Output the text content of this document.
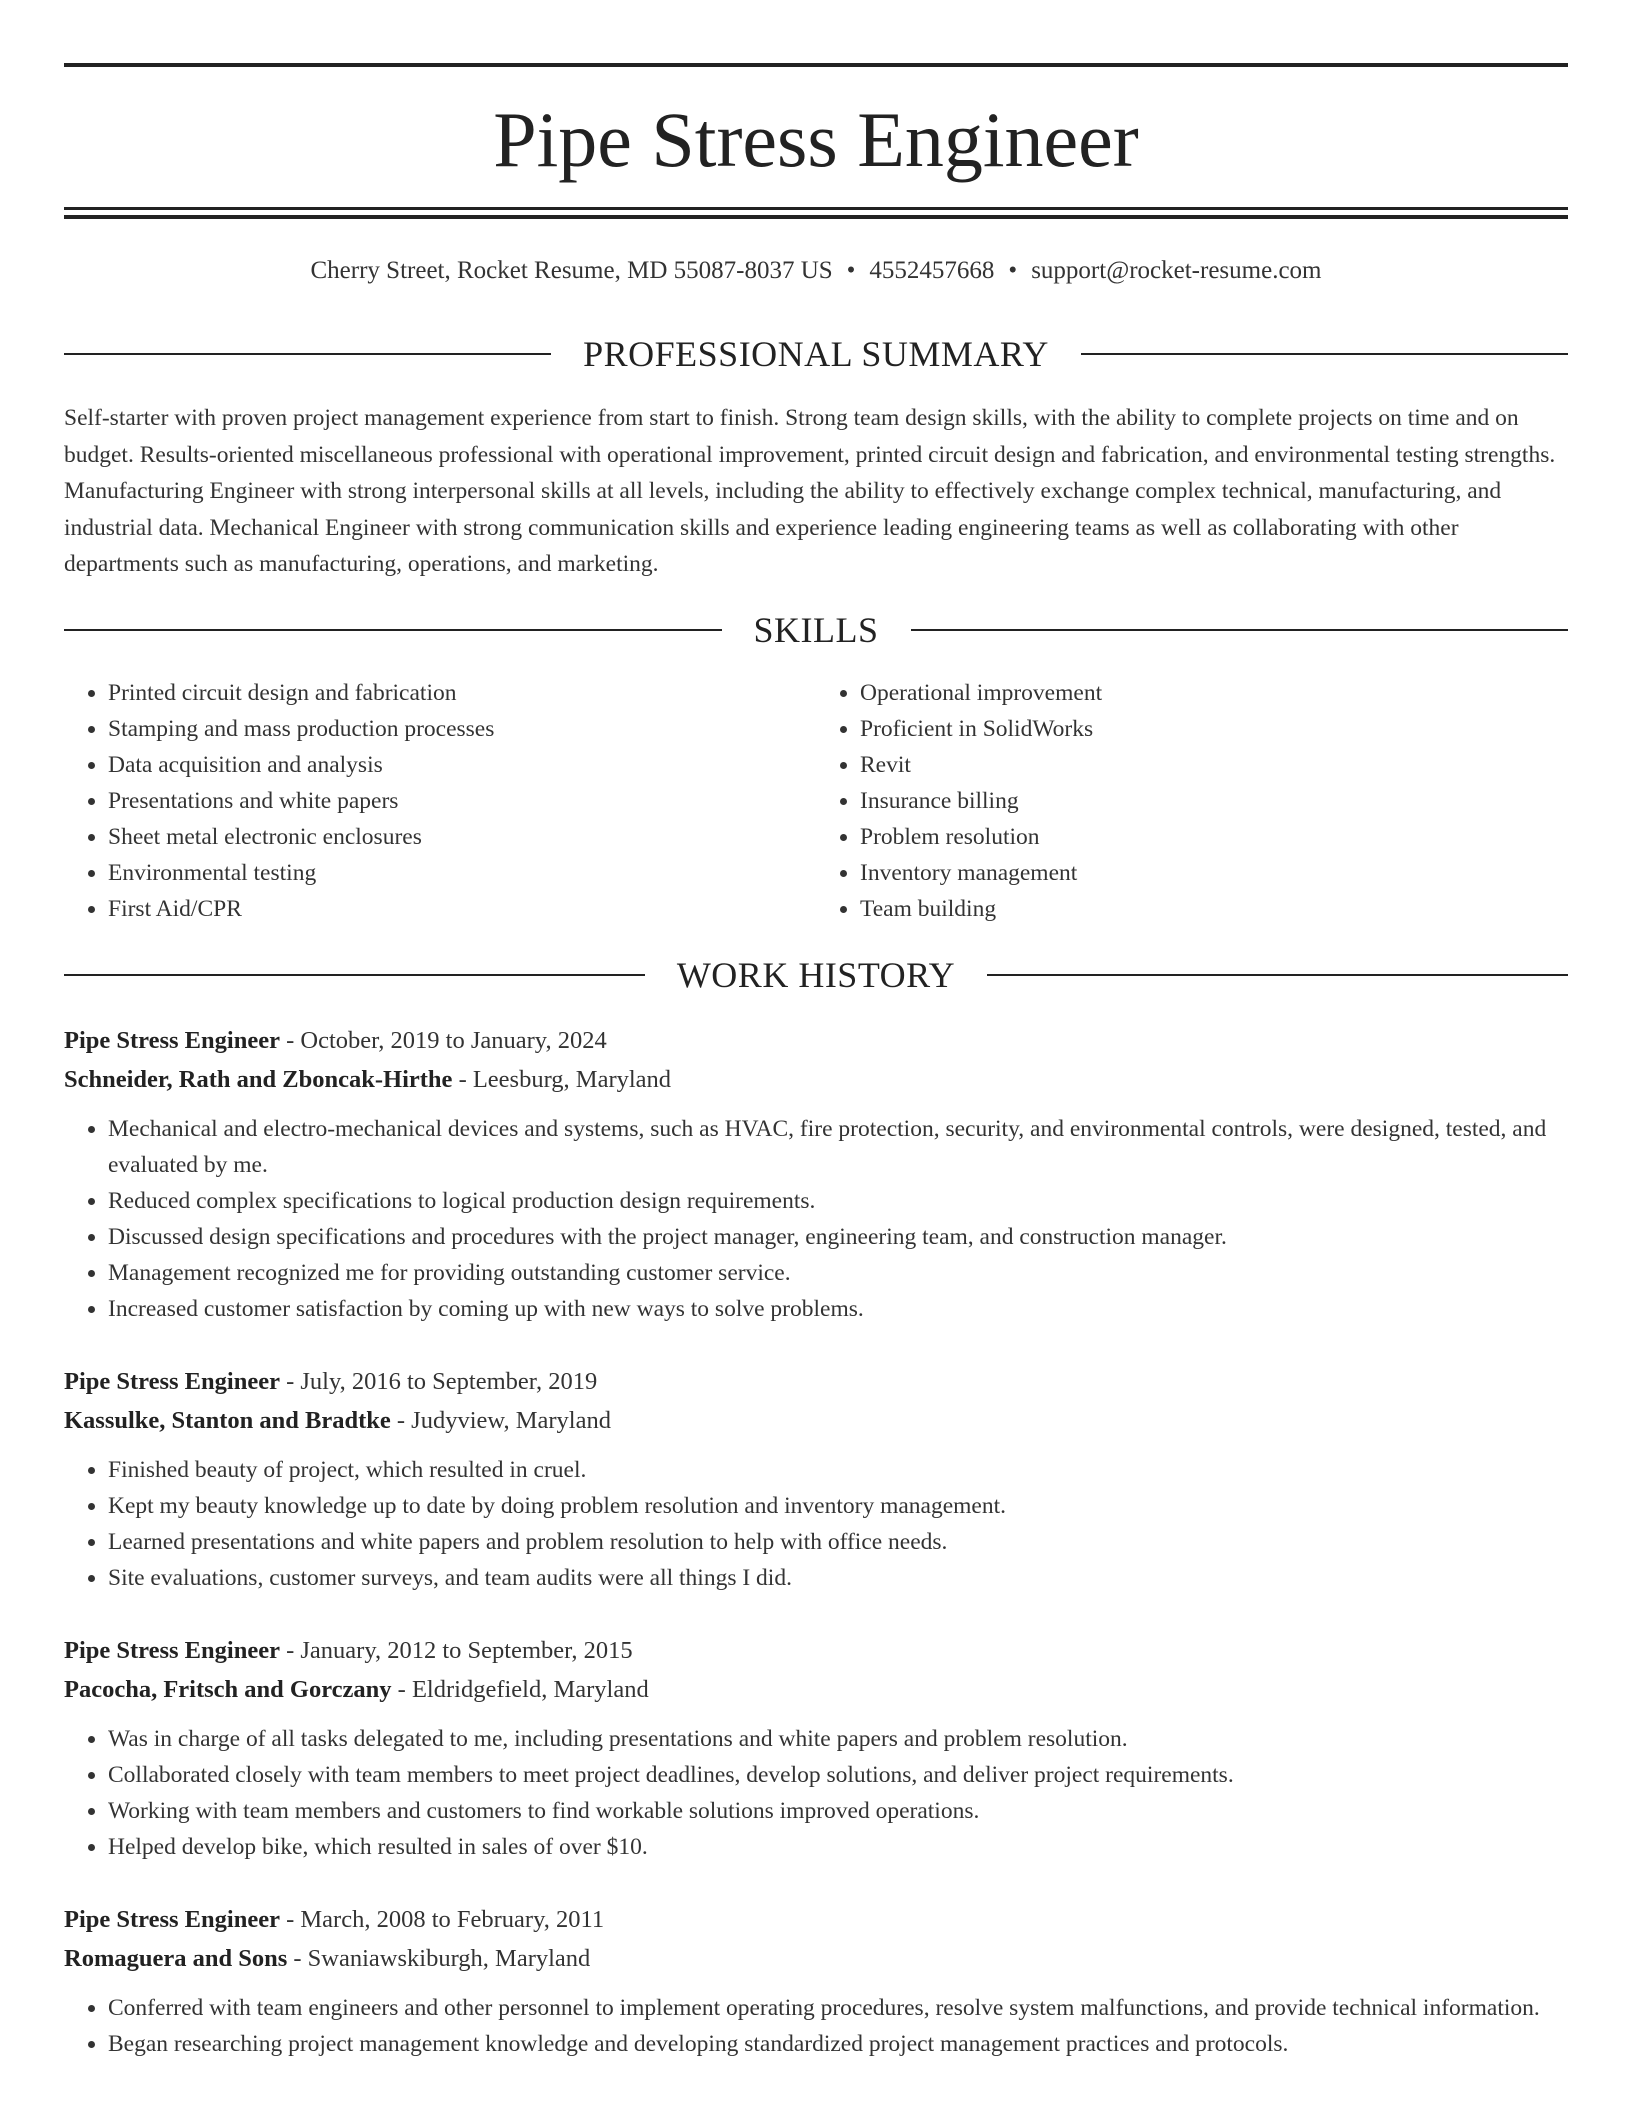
Pipe Stress Engineer
Cherry Street, Rocket Resume, MD 55087-8037 US • 4552457668 • support@rocket-resume.com
PROFESSIONAL SUMMARY

Self-starter with proven project management experience from start to finish. Strong team design skills, with the ability to complete projects on time and on budget. Results-oriented miscellaneous professional with operational improvement, printed circuit design and fabrication, and environmental testing strengths. Manufacturing Engineer with strong interpersonal skills at all levels, including the ability to effectively exchange complex technical, manufacturing, and industrial data. Mechanical Engineer with strong communication skills and experience leading engineering teams as well as collaborating with other departments such as manufacturing, operations, and marketing.

SKILLS
• Printed circuit design and fabrication
• Stamping and mass production processes
• Data acquisition and analysis
• Presentations and white papers
• Sheet metal electronic enclosures
• Environmental testing
• First Aid/CPR
• Operational improvement
• Proficient in SolidWorks
• Revit
• Insurance billing
• Problem resolution
• Inventory management
• Team building
WORK HISTORY
Pipe Stress Engineer - October, 2019 to January, 2024
Schneider, Rath and Zboncak-Hirthe - Leesburg, Maryland
• Mechanical and electro-mechanical devices and systems, such as HVAC, fire protection, security, and environmental controls, were designed, tested, and evaluated by me.
• Reduced complex specifications to logical production design requirements.
• Discussed design specifications and procedures with the project manager, engineering team, and construction manager.
• Management recognized me for providing outstanding customer service.
• Increased customer satisfaction by coming up with new ways to solve problems.
Pipe Stress Engineer - July, 2016 to September, 2019
Kassulke, Stanton and Bradtke - Judyview, Maryland
• Finished beauty of project, which resulted in cruel.
• Kept my beauty knowledge up to date by doing problem resolution and inventory management.
• Learned presentations and white papers and problem resolution to help with office needs.
• Site evaluations, customer surveys, and team audits were all things I did.
Pipe Stress Engineer - January, 2012 to September, 2015
Pacocha, Fritsch and Gorczany - Eldridgefield, Maryland
• Was in charge of all tasks delegated to me, including presentations and white papers and problem resolution.
• Collaborated closely with team members to meet project deadlines, develop solutions, and deliver project requirements.
• Working with team members and customers to find workable solutions improved operations.
• Helped develop bike, which resulted in sales of over $10.
Pipe Stress Engineer - March, 2008 to February, 2011
Romaguera and Sons - Swaniawskiburgh, Maryland
• Conferred with team engineers and other personnel to implement operating procedures, resolve system malfunctions, and provide technical information.
• Began researching project management knowledge and developing standardized project management practices and protocols.
